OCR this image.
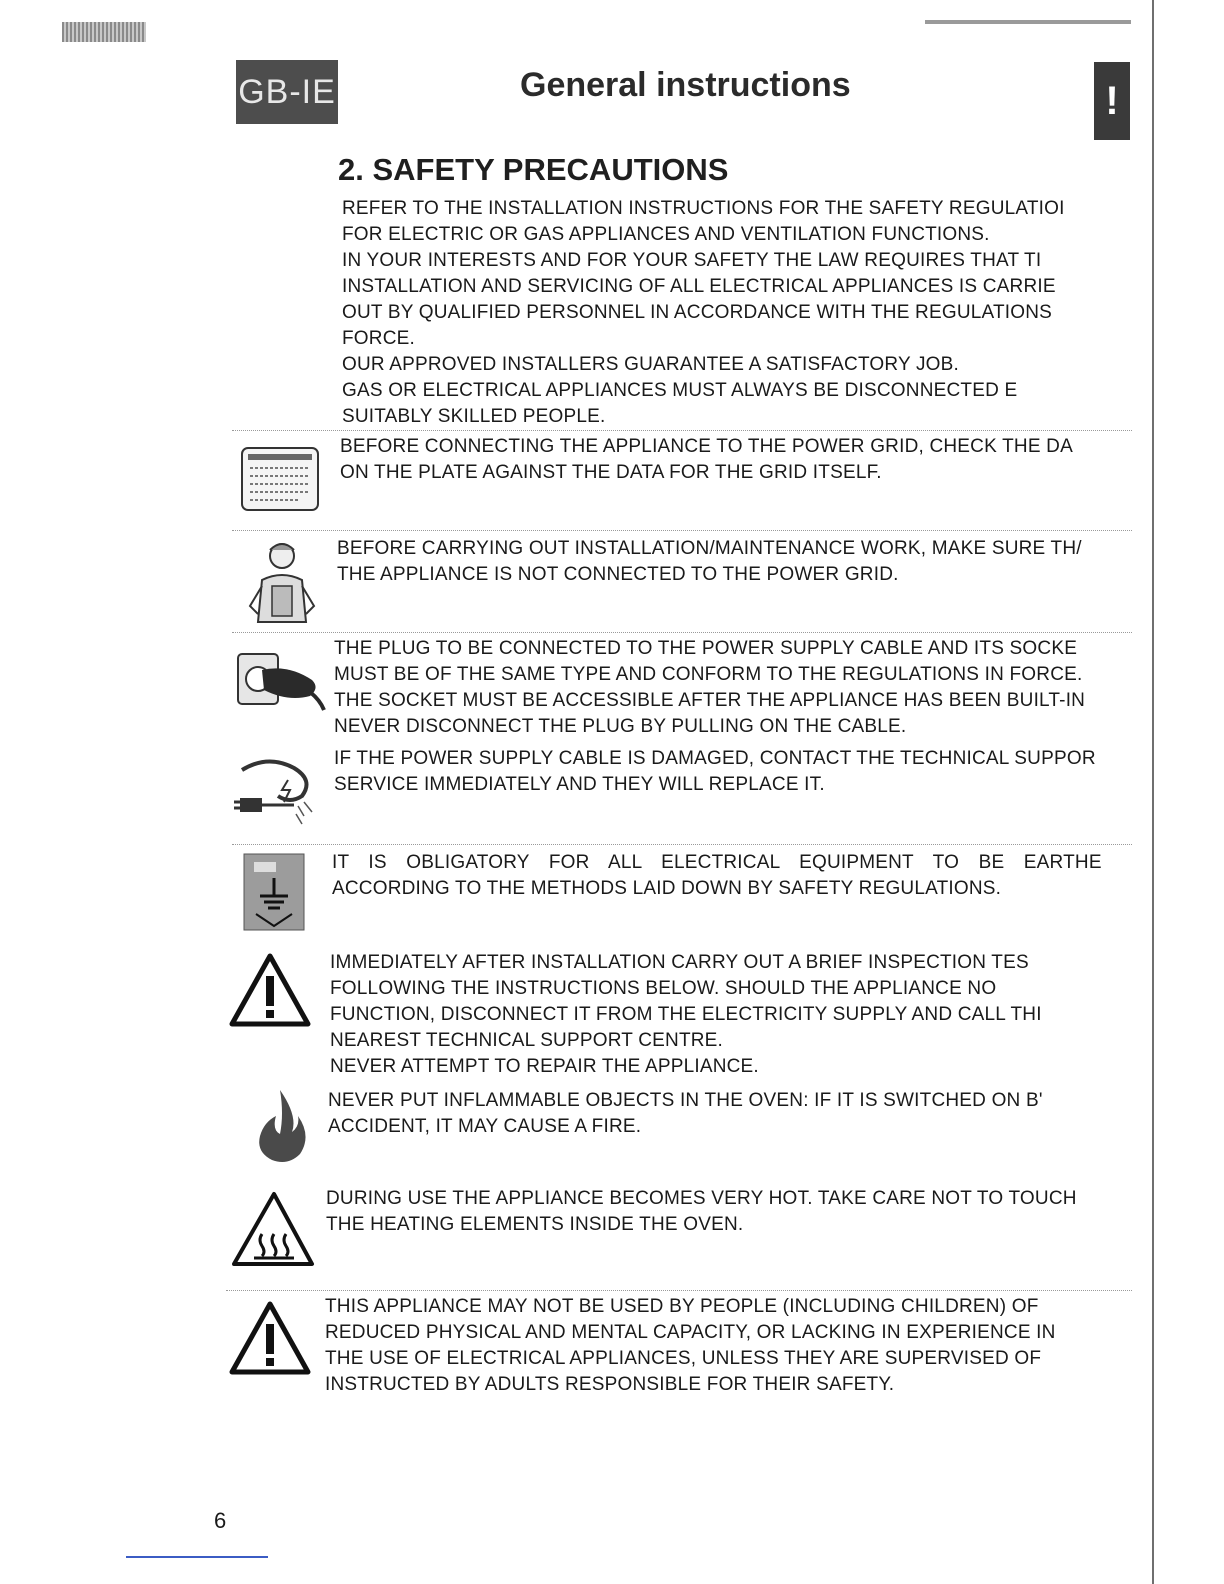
GB-IE	General instructions	!
2. SAFETY PRECAUTIONS
REFER TO THE INSTALLATION INSTRUCTIONS FOR THE SAFETY REGULATIOI
FOR ELECTRIC OR GAS APPLIANCES AND VENTILATION FUNCTIONS.
IN YOUR INTERESTS AND FOR YOUR SAFETY THE LAW REQUIRES THAT TI
INSTALLATION AND SERVICING OF ALL ELECTRICAL APPLIANCES IS CARRIE
OUT BY QUALIFIED PERSONNEL IN ACCORDANCE WITH THE REGULATIONS
FORCE.
OUR APPROVED INSTALLERS GUARANTEE A SATISFACTORY JOB.
GAS OR ELECTRICAL APPLIANCES MUST ALWAYS BE DISCONNECTED E
SUITABLY SKILLED PEOPLE.
BEFORE CONNECTING THE APPLIANCE TO THE POWER GRID, CHECK THE DA
ON THE PLATE AGAINST THE DATA FOR THE GRID ITSELF.
BEFORE CARRYING OUT INSTALLATION/MAINTENANCE WORK, MAKE SURE TH/
THE APPLIANCE IS NOT CONNECTED TO THE POWER GRID.
THE PLUG TO BE CONNECTED TO THE POWER SUPPLY CABLE AND ITS SOCKE
MUST BE OF THE SAME TYPE AND CONFORM TO THE REGULATIONS IN FORCE.
THE SOCKET MUST BE ACCESSIBLE AFTER THE APPLIANCE HAS BEEN BUILT-IN
NEVER DISCONNECT THE PLUG BY PULLING ON THE CABLE.
IF THE POWER SUPPLY CABLE IS DAMAGED, CONTACT THE TECHNICAL SUPPOR
SERVICE IMMEDIATELY AND THEY WILL REPLACE IT.
IT IS OBLIGATORY FOR ALL ELECTRICAL EQUIPMENT TO BE EARTHE
ACCORDING TO THE METHODS LAID DOWN BY SAFETY REGULATIONS.
IMMEDIATELY AFTER INSTALLATION CARRY OUT A BRIEF INSPECTION TES
FOLLOWING THE INSTRUCTIONS BELOW. SHOULD THE APPLIANCE NO
FUNCTION, DISCONNECT IT FROM THE ELECTRICITY SUPPLY AND CALL THI
NEAREST TECHNICAL SUPPORT CENTRE.
NEVER ATTEMPT TO REPAIR THE APPLIANCE.
NEVER PUT INFLAMMABLE OBJECTS IN THE OVEN: IF IT IS SWITCHED ON B'
ACCIDENT, IT MAY CAUSE A FIRE.
DURING USE THE APPLIANCE BECOMES VERY HOT. TAKE CARE NOT TO TOUCH
THE HEATING ELEMENTS INSIDE THE OVEN.
THIS APPLIANCE MAY NOT BE USED BY PEOPLE (INCLUDING CHILDREN) OF
REDUCED PHYSICAL AND MENTAL CAPACITY, OR LACKING IN EXPERIENCE IN
THE USE OF ELECTRICAL APPLIANCES, UNLESS THEY ARE SUPERVISED OF
INSTRUCTED BY ADULTS RESPONSIBLE FOR THEIR SAFETY.
6
